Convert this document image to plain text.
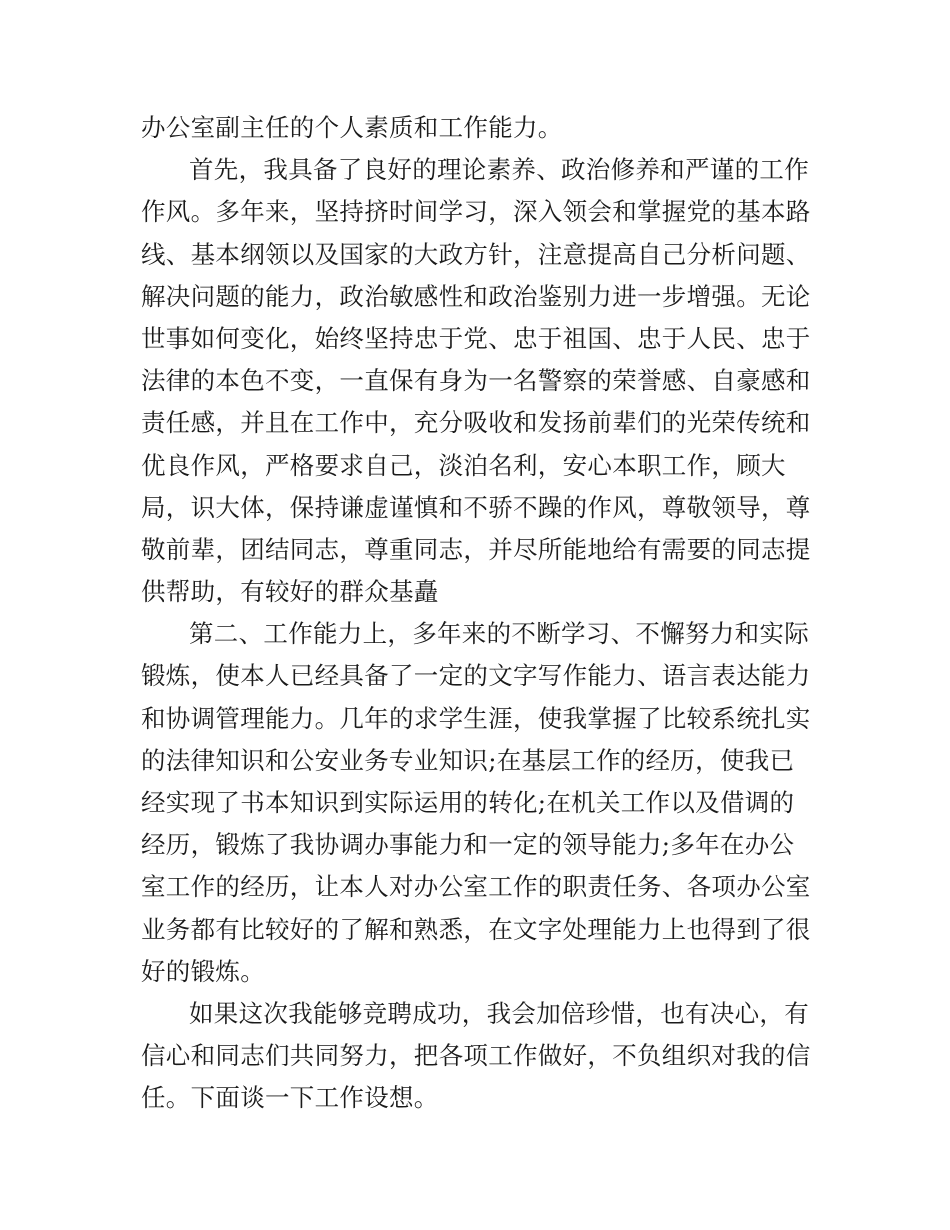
办公室副主任的个人素质和工作能力。
首先，我具备了良好的理论素养、政治修养和严谨的工作
作风。多年来，坚持挤时间学习，深入领会和掌握党的基本路
线、基本纲领以及国家的大政方针，注意提高自己分析问题、
解决问题的能力，政治敏感性和政治鉴别力进一步增强。无论
世事如何变化，始终坚持忠于党、忠于祖国、忠于人民、忠于
法律的本色不变，一直保有身为一名警察的荣誉感、自豪感和
责任感，并且在工作中，充分吸收和发扬前辈们的光荣传统和
优良作风，严格要求自己，淡泊名利，安心本职工作，顾大
局，识大体，保持谦虚谨慎和不骄不躁的作风，尊敬领导，尊
敬前辈，团结同志，尊重同志，并尽所能地给有需要的同志提
供帮助，有较好的群众基矗
第二、工作能力上，多年来的不断学习、不懈努力和实际
锻炼，使本人已经具备了一定的文字写作能力、语言表达能力
和协调管理能力。几年的求学生涯，使我掌握了比较系统扎实
的法律知识和公安业务专业知识;在基层工作的经历，使我已
经实现了书本知识到实际运用的转化;在机关工作以及借调的
经历，锻炼了我协调办事能力和一定的领导能力;多年在办公
室工作的经历，让本人对办公室工作的职责任务、各项办公室
业务都有比较好的了解和熟悉，在文字处理能力上也得到了很
好的锻炼。
如果这次我能够竞聘成功，我会加倍珍惜，也有决心，有
信心和同志们共同努力，把各项工作做好，不负组织对我的信
任。下面谈一下工作设想。
